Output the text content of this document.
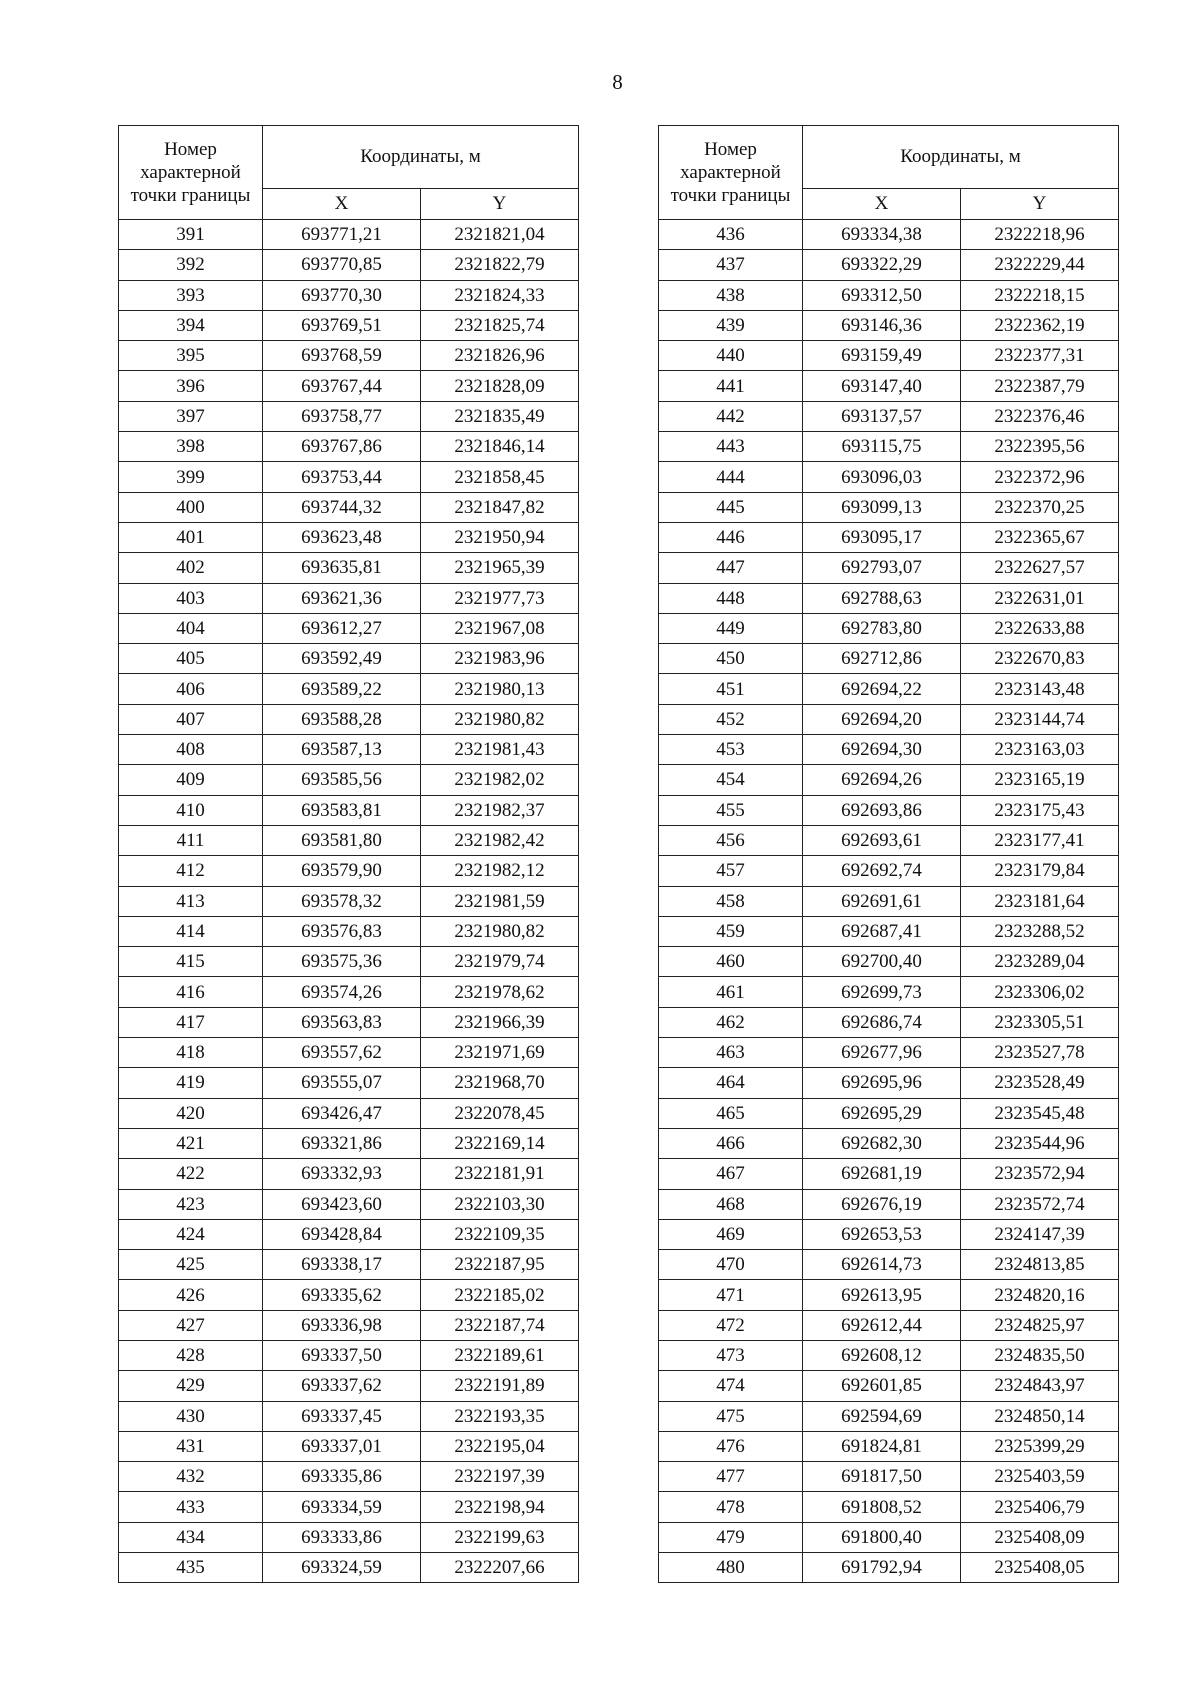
8
Номер характерной точки границы	Координаты, м	
	X	Y
391	693771,21	2321821,04
392	693770,85	2321822,79
393	693770,30	2321824,33
394	693769,51	2321825,74
395	693768,59	2321826,96
396	693767,44	2321828,09
397	693758,77	2321835,49
398	693767,86	2321846,14
399	693753,44	2321858,45
400	693744,32	2321847,82
401	693623,48	2321950,94
402	693635,81	2321965,39
403	693621,36	2321977,73
404	693612,27	2321967,08
405	693592,49	2321983,96
406	693589,22	2321980,13
407	693588,28	2321980,82
408	693587,13	2321981,43
409	693585,56	2321982,02
410	693583,81	2321982,37
411	693581,80	2321982,42
412	693579,90	2321982,12
413	693578,32	2321981,59
414	693576,83	2321980,82
415	693575,36	2321979,74
416	693574,26	2321978,62
417	693563,83	2321966,39
418	693557,62	2321971,69
419	693555,07	2321968,70
420	693426,47	2322078,45
421	693321,86	2322169,14
422	693332,93	2322181,91
423	693423,60	2322103,30
424	693428,84	2322109,35
425	693338,17	2322187,95
426	693335,62	2322185,02
427	693336,98	2322187,74
428	693337,50	2322189,61
429	693337,62	2322191,89
430	693337,45	2322193,35
431	693337,01	2322195,04
432	693335,86	2322197,39
433	693334,59	2322198,94
434	693333,86	2322199,63
435	693324,59	2322207,66
Номер характерной точки границы	Координаты, м	
	X	Y
436	693334,38	2322218,96
437	693322,29	2322229,44
438	693312,50	2322218,15
439	693146,36	2322362,19
440	693159,49	2322377,31
441	693147,40	2322387,79
442	693137,57	2322376,46
443	693115,75	2322395,56
444	693096,03	2322372,96
445	693099,13	2322370,25
446	693095,17	2322365,67
447	692793,07	2322627,57
448	692788,63	2322631,01
449	692783,80	2322633,88
450	692712,86	2322670,83
451	692694,22	2323143,48
452	692694,20	2323144,74
453	692694,30	2323163,03
454	692694,26	2323165,19
455	692693,86	2323175,43
456	692693,61	2323177,41
457	692692,74	2323179,84
458	692691,61	2323181,64
459	692687,41	2323288,52
460	692700,40	2323289,04
461	692699,73	2323306,02
462	692686,74	2323305,51
463	692677,96	2323527,78
464	692695,96	2323528,49
465	692695,29	2323545,48
466	692682,30	2323544,96
467	692681,19	2323572,94
468	692676,19	2323572,74
469	692653,53	2324147,39
470	692614,73	2324813,85
471	692613,95	2324820,16
472	692612,44	2324825,97
473	692608,12	2324835,50
474	692601,85	2324843,97
475	692594,69	2324850,14
476	691824,81	2325399,29
477	691817,50	2325403,59
478	691808,52	2325406,79
479	691800,40	2325408,09
480	691792,94	2325408,05
